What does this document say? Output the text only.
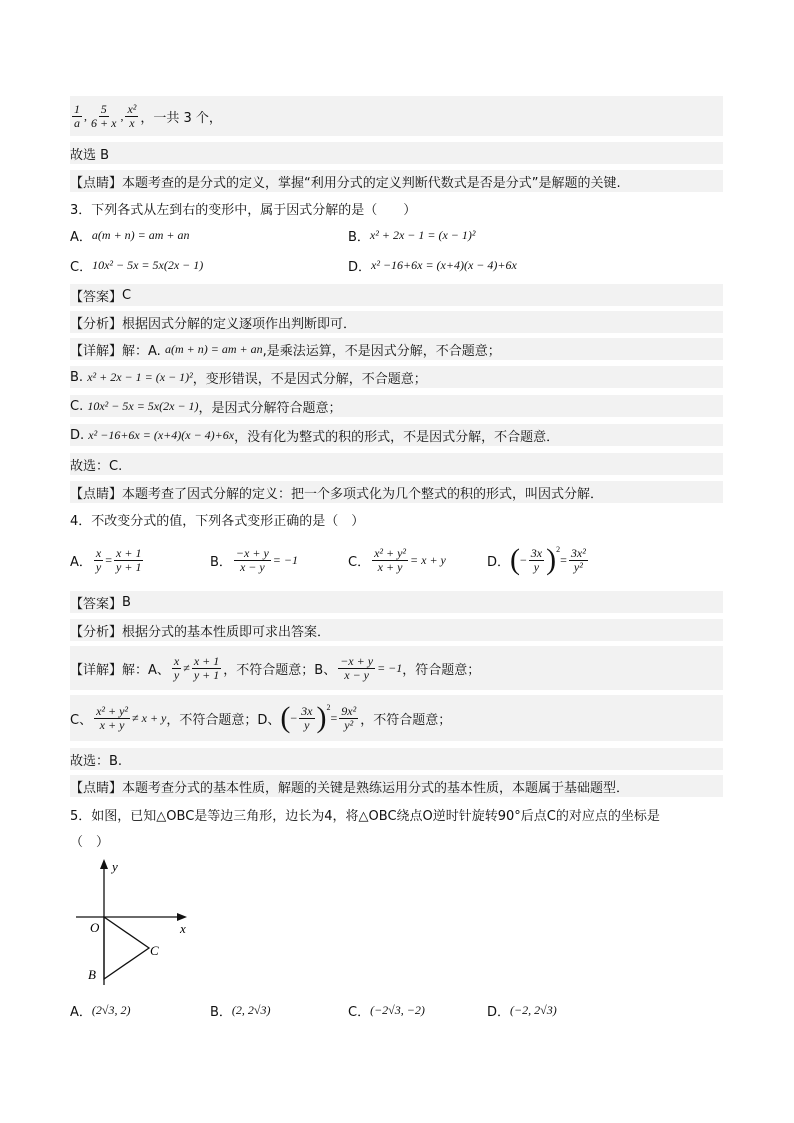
$\frac{1}{a}$ , $\frac{5}{6 + x}$ , $\frac{\text{x²}}{x}$ ，一共 3 个，
故选 B
【点睛】 本题考查的是分式的定义，掌握“利用分式的定义判断代数式是否是分式”是解题的关键.
3．下列各式从左到右的变形中，属于因式分解的是（　　）
A． a(m + n) = am + an	B． x² + 2x − 1 = (x − 1)²
C． 10x² − 5x = 5x(2x − 1)	D． x² −16+6x = (x+4)(x − 4)+6x
【答案】 C
【分析】 根据因式分解的定义逐项作出判断即可．
【详解】 解：A.
a(m + n) = am + an ,是乘法运算，不是因式分解，不合题意；
B.
x² + 2x − 1 = (x − 1)² ，变形错误，不是因式分解，不合题意；
C.
10x² − 5x = 5x(2x − 1) ，是因式分解符合题意；
D.
x² −16+6x = (x+4)(x − 4)+6x ，没有化为整式的积的形式，不是因式分解，不合题意．
故选：C.
【点睛】 本题考查了因式分解的定义：把一个多项式化为几个整式的积的形式，叫因式分解．
4．不改变分式的值，下列各式变形正确的是（　）
A． $\frac{x}{y} = \frac{x + 1}{y + 1}$	B． $\frac{-x + y}{x - y} = -1$	C． $\frac{\text{x² + y²}}{x + y} = x + y$	D． ( − $\frac{3x}{y}$ ) 2
= $\frac{\text{3x²}}{\text{y²}}$
【答案】 B
【分析】 根据分式的基本性质即可求出答案．
【详解】 解：A、 $\frac{x}{y} \ne \frac{x + 1}{y + 1}$ ，不符合题意；B、 $\frac{-x + y}{x - y} = -1$ ，符合题意；
C、 $\frac{\text{x² + y²}}{x + y} \ne x + y$ ，不符合题意；D、 ( − $\frac{3x}{y}$ ) 2
= $\frac{\text{9x²}}{\text{y²}}$ ，不符合题意；
故选：B.
【点睛】 本题考查分式的基本性质，解题的关键是熟练运用分式的基本性质，本题属于基础题型．
5．如图，已知△OBC是等边三角形，边长为4，将△OBC绕点O逆时针旋转90°后点C的对应点的坐标是
（　）
y
x
O
B
C
A． (2√3, 2)	B． (2, 2√3)	C． (−2√3, −2)	D． (−2, 2√3)
